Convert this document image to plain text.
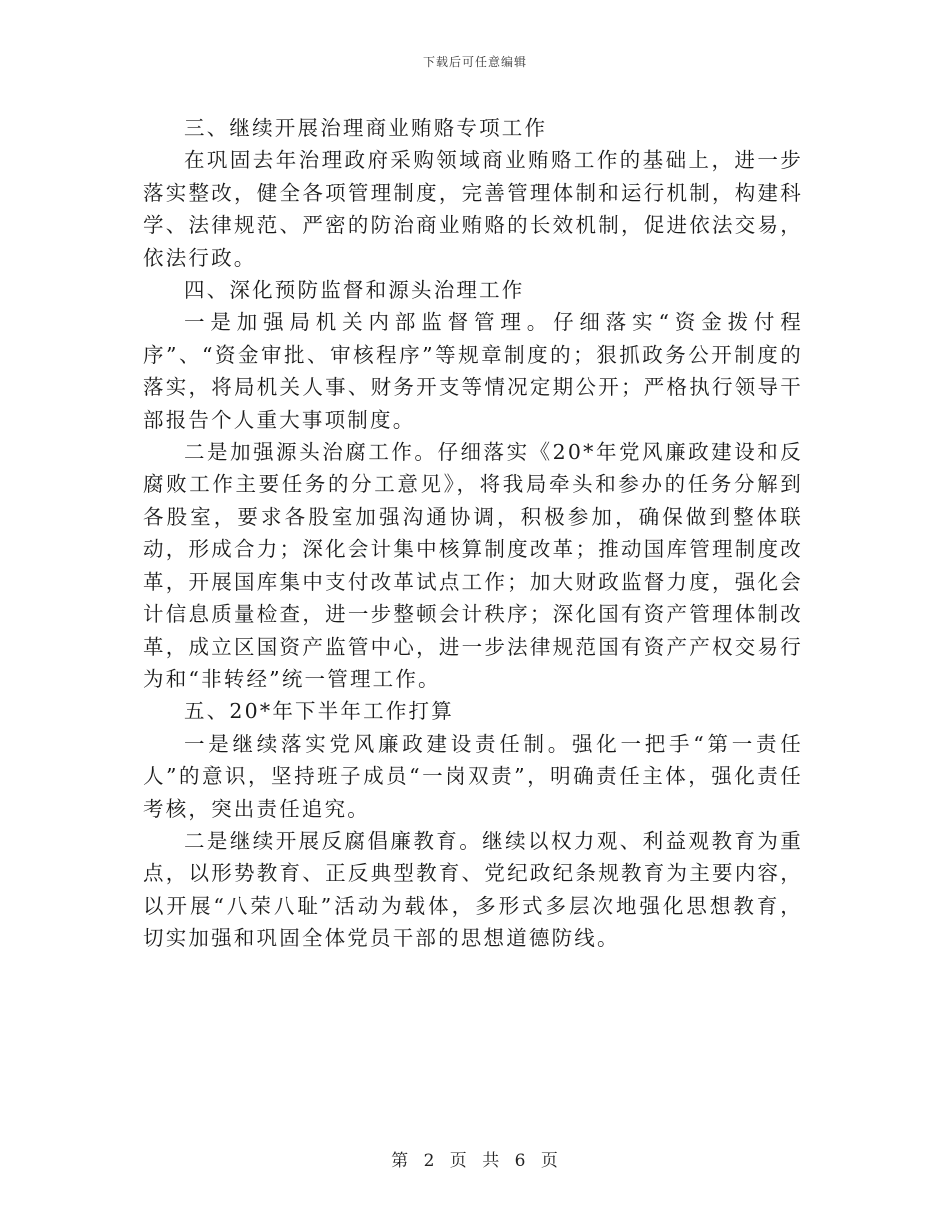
下载后可任意编辑

三、继续开展治理商业贿赂专项工作

在巩固去年治理政府采购领域商业贿赂工作的基础上，进一步落实整改，健全各项管理制度，完善管理体制和运行机制，构建科学、法律规范、严密的防治商业贿赂的长效机制，促进依法交易，依法行政。

四、深化预防监督和源头治理工作

一是加强局机关内部监督管理。仔细落实“资金拨付程序”、“资金审批、审核程序”等规章制度的；狠抓政务公开制度的落实，将局机关人事、财务开支等情况定期公开；严格执行领导干部报告个人重大事项制度。

二是加强源头治腐工作。仔细落实《20*年党风廉政建设和反腐败工作主要任务的分工意见》，将我局牵头和参办的任务分解到各股室，要求各股室加强沟通协调，积极参加，确保做到整体联动，形成合力；深化会计集中核算制度改革；推动国库管理制度改革，开展国库集中支付改革试点工作；加大财政监督力度，强化会计信息质量检查，进一步整顿会计秩序；深化国有资产管理体制改革，成立区国资产监管中心，进一步法律规范国有资产产权交易行为和“非转经”统一管理工作。

五、20*年下半年工作打算

一是继续落实党风廉政建设责任制。强化一把手“第一责任人”的意识，坚持班子成员“一岗双责”，明确责任主体，强化责任考核，突出责任追究。

二是继续开展反腐倡廉教育。继续以权力观、利益观教育为重点，以形势教育、正反典型教育、党纪政纪条规教育为主要内容，以开展“八荣八耻”活动为载体，多形式多层次地强化思想教育，切实加强和巩固全体党员干部的思想道德防线。

第 2 页 共 6 页
